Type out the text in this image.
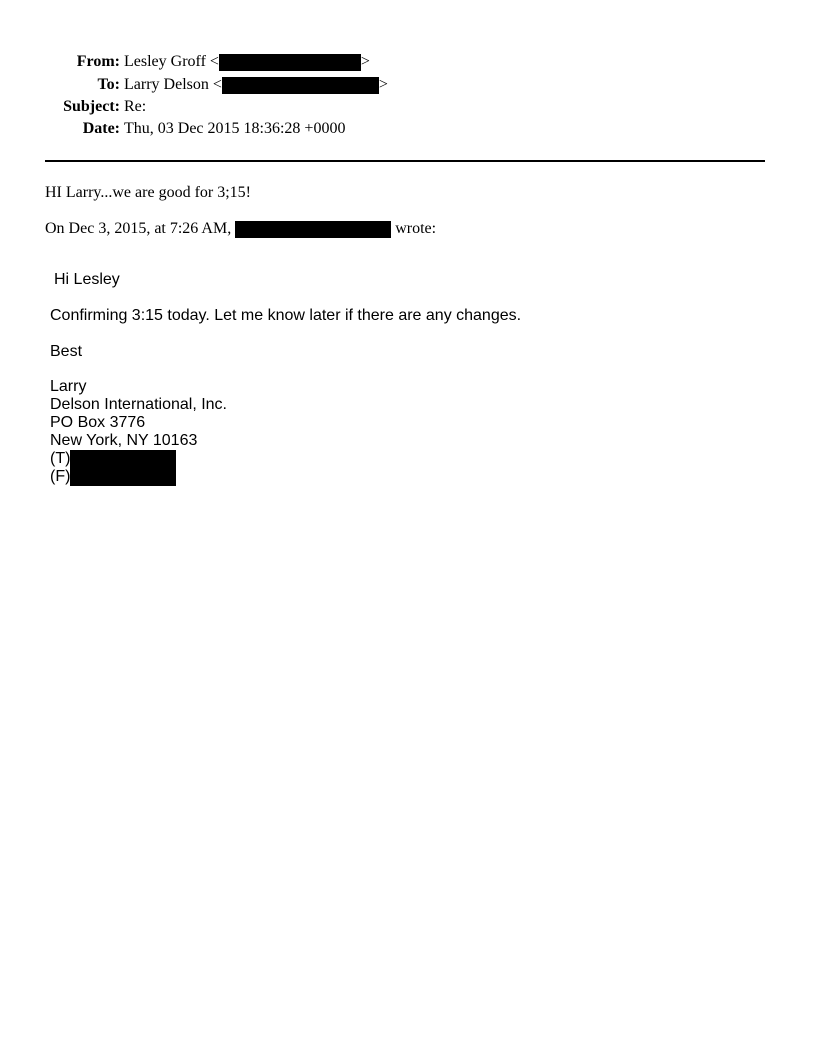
From: Lesley Groff <	>
To: Larry Delson <	>
Subject: Re:
Date: Thu, 03 Dec 2015 18:36:28 +0000
HI Larry...we are good for 3;15!
On Dec 3, 2015, at 7:26 AM,	wrote:
Hi Lesley
Confirming 3:15 today. Let me know later if there are any changes.
Best
Larry
Delson International, Inc.
PO Box 3776
New York, NY 10163
(T)
(F)
